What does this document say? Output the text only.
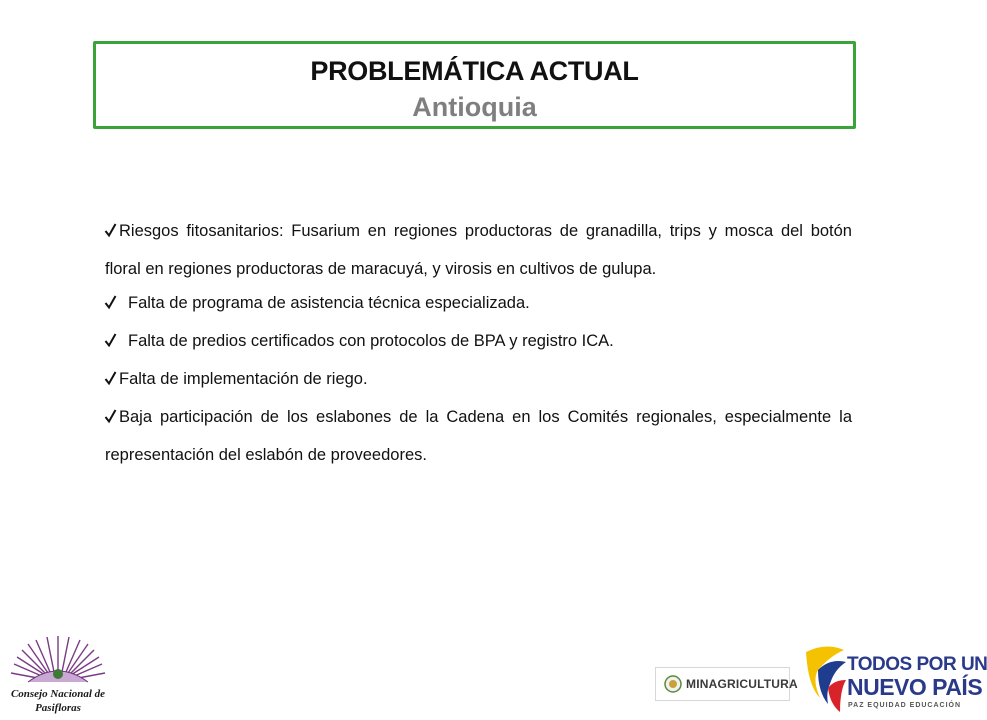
PROBLEMÁTICA ACTUAL
Antioquia
Riesgos fitosanitarios: Fusarium en regiones productoras de granadilla, trips y mosca del botón floral en regiones productoras de maracuyá, y virosis en cultivos de gulupa.
Falta de programa de asistencia técnica especializada.
Falta de predios certificados con protocolos de BPA y registro ICA.
Falta de implementación de riego.
Baja participación de los eslabones de la Cadena en los Comités regionales, especialmente la representación del eslabón de proveedores.
Consejo Nacional de
Pasifloras
MINAGRICULTURA
TODOS POR UN
NUEVO PAÍS
PAZ EQUIDAD EDUCACIÓN
